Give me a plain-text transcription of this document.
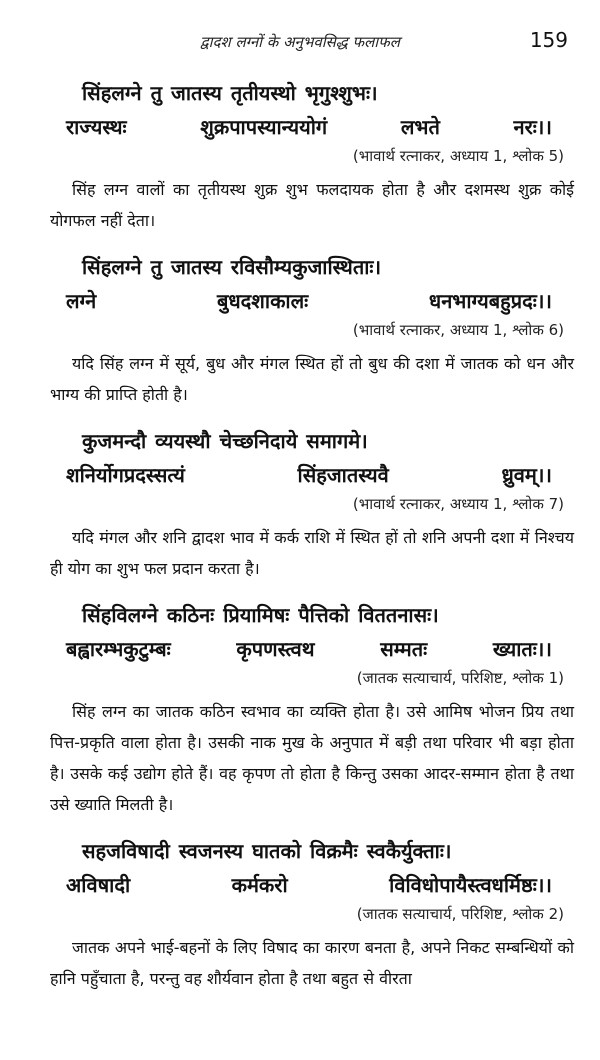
द्वादश लग्नों के अनुभवसिद्ध फलाफल	159
सिंहलग्ने तु जातस्य तृतीयस्थो भृगुश्शुभः।
राज्यस्थः	शुक्रपापस्यान्ययोगं	लभते	नरः।।
(भावार्थ रत्नाकर, अध्याय 1, श्लोक 5)
सिंह लग्न वालों का तृतीयस्थ शुक्र शुभ फलदायक होता है और दशमस्थ शुक्र कोई योगफल नहीं देता।
सिंहलग्ने तु जातस्य रविसौम्यकुजास्थिताः।
लग्ने	बुधदशाकालः	धनभाग्यबहुप्रदः।।
(भावार्थ रत्नाकर, अध्याय 1, श्लोक 6)
यदि सिंह लग्न में सूर्य, बुध और मंगल स्थित हों तो बुध की दशा में जातक को धन और भाग्य की प्राप्ति होती है।
कुजमन्दौ व्ययस्थौ चेच्छनिदाये समागमे।
शनिर्योगप्रदस्सत्यं	सिंहजातस्यवै	ध्रुवम्।।
(भावार्थ रत्नाकर, अध्याय 1, श्लोक 7)
यदि मंगल और शनि द्वादश भाव में कर्क राशि में स्थित हों तो शनि अपनी दशा में निश्चय ही योग का शुभ फल प्रदान करता है।
सिंहविलग्ने कठिनः प्रियामिषः पैत्तिको विततनासः।
बह्वारम्भकुटुम्बः	कृपणस्त्वथ	सम्मतः	ख्यातः।।
(जातक सत्याचार्य, परिशिष्ट, श्लोक 1)
सिंह लग्न का जातक कठिन स्वभाव का व्यक्ति होता है। उसे आमिष भोजन प्रिय तथा पित्त-प्रकृति वाला होता है। उसकी नाक मुख के अनुपात में बड़ी तथा परिवार भी बड़ा होता है। उसके कई उद्योग होते हैं। वह कृपण तो होता है किन्तु उसका आदर-सम्मान होता है तथा उसे ख्याति मिलती है।
सहजविषादी स्वजनस्य घातको विक्रमैः स्वकैर्युक्ताः।
अविषादी	कर्मकरो	विविधोपायैस्त्वधर्मिष्ठः।।
(जातक सत्याचार्य, परिशिष्ट, श्लोक 2)
जातक अपने भाई-बहनों के लिए विषाद का कारण बनता है, अपने निकट सम्बन्धियों को हानि पहुँचाता है, परन्तु वह शौर्यवान होता है तथा बहुत से वीरता
